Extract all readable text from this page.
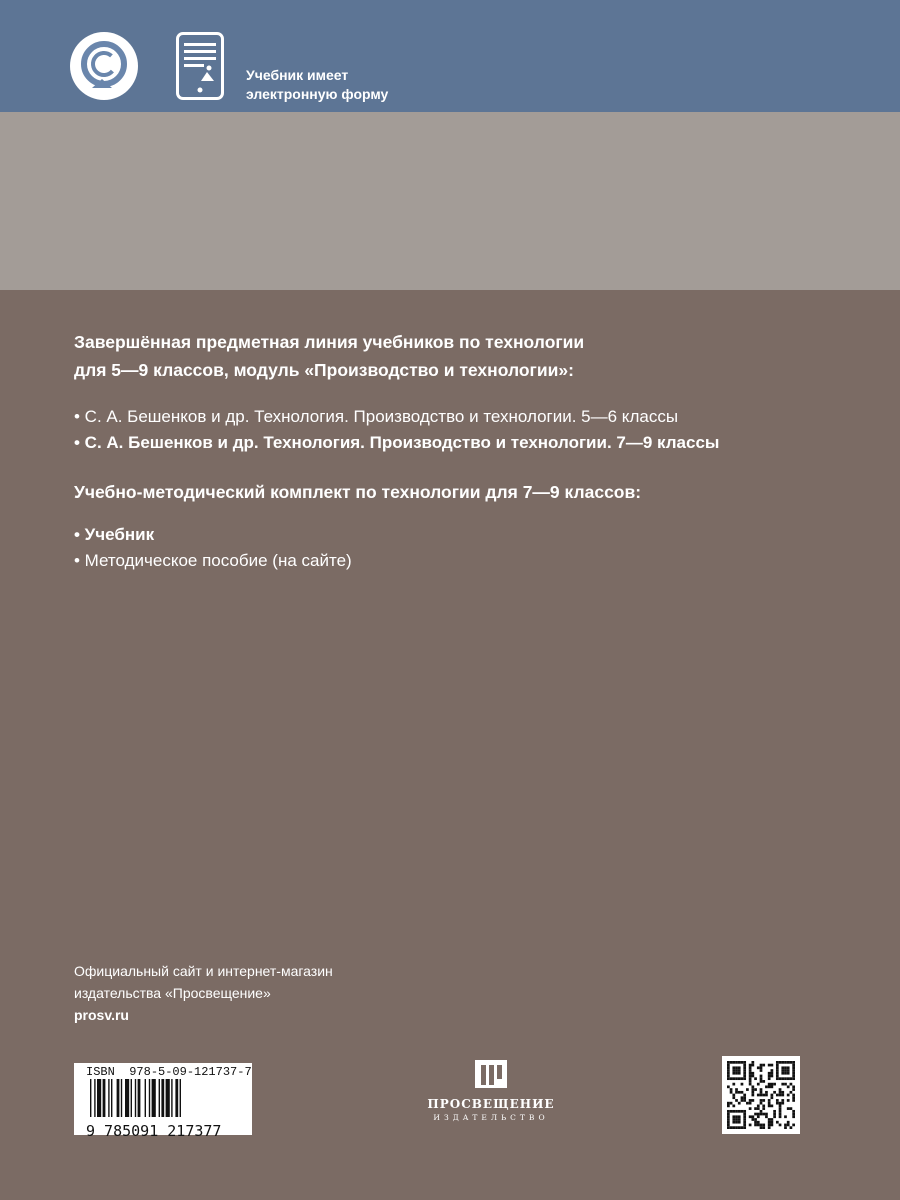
Учебник имеет
электронную форму

Завершённая предметная линия учебников по технологии
для 5—9 классов, модуль «Производство и технологии»:

• С. А. Бешенков и др. Технология. Производство и технологии. 5—6 классы
• С. А. Бешенков и др. Технология. Производство и технологии. 7—9 классы

Учебно-методический комплект по технологии для 7—9 классов:

• Учебник
• Методическое пособие (на сайте)
Официальный сайт и интернет-магазин
издательства «Просвещение»
prosv.ru
ISBN 978-5-09-121737-7
9 785091 217377
ПРОСВЕЩЕНИЕ
ИЗДАТЕЛЬСТВО
